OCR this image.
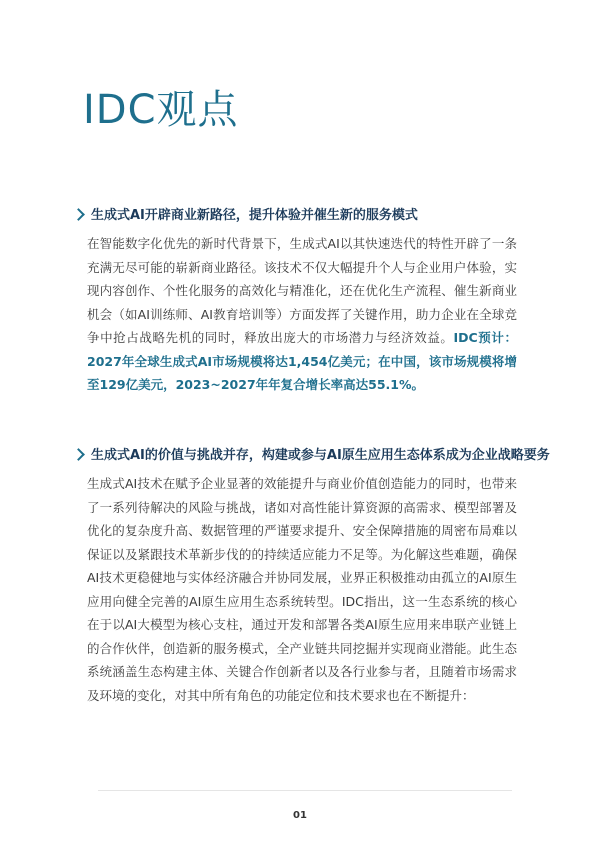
IDC观点
生成式AI开辟商业新路径，提升体验并催生新的服务模式

在智能数字化优先的新时代背景下，生成式AI以其快速迭代的特性开辟了一条充满无尽可能的崭新商业路径。该技术不仅大幅提升个人与企业用户体验，实现内容创作、个性化服务的高效化与精准化，还在优化生产流程、催生新商业机会（如AI训练师、AI教育培训等）方面发挥了关键作用，助力企业在全球竞争中抢占战略先机的同时，释放出庞大的市场潜力与经济效益。IDC预计：2027年全球生成式AI市场规模将达1,454亿美元；在中国，该市场规模将增至129亿美元，2023~2027年年复合增长率高达55.1%。

生成式AI的价值与挑战并存，构建或参与AI原生应用生态体系成为企业战略要务

生成式AI技术在赋予企业显著的效能提升与商业价值创造能力的同时，也带来了一系列待解决的风险与挑战，诸如对高性能计算资源的高需求、模型部署及优化的复杂度升高、数据管理的严谨要求提升、安全保障措施的周密布局难以保证以及紧跟技术革新步伐的的持续适应能力不足等。为化解这些难题，确保AI技术更稳健地与实体经济融合并协同发展，业界正积极推动由孤立的AI原生应用向健全完善的AI原生应用生态系统转型。IDC指出，这一生态系统的核心在于以AI大模型为核心支柱，通过开发和部署各类AI原生应用来串联产业链上的合作伙伴，创造新的服务模式，全产业链共同挖掘并实现商业潜能。此生态系统涵盖生态构建主体、关键合作创新者以及各行业参与者，且随着市场需求及环境的变化，对其中所有角色的功能定位和技术要求也在不断提升：

01
